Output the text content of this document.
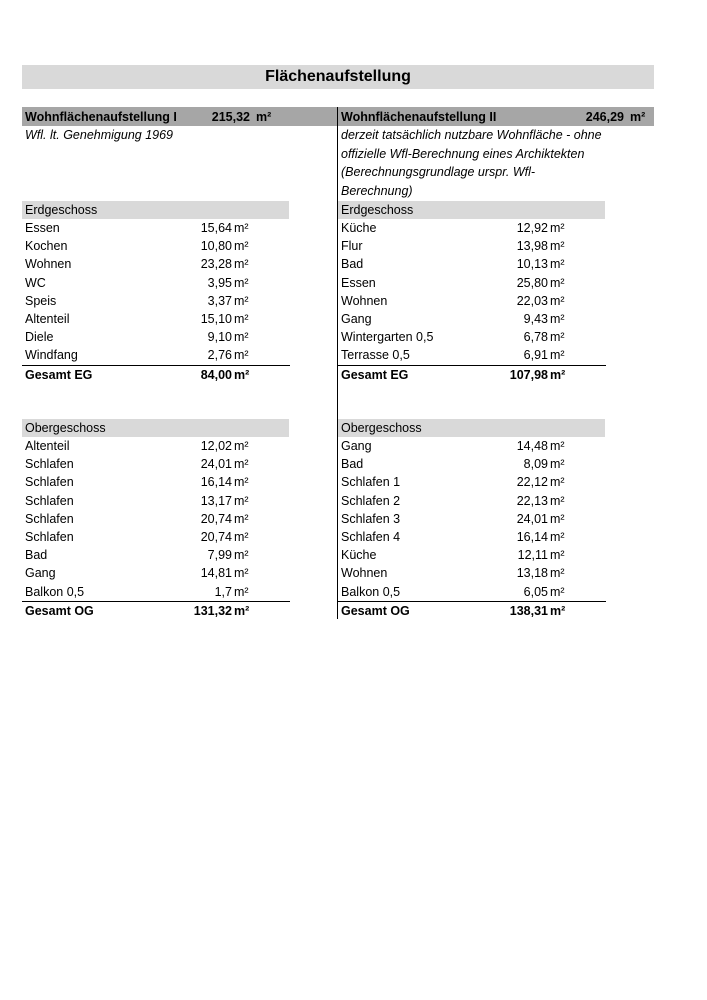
Flächenaufstellung
Wohnflächenaufstellung I	215,32 m²
Wfl. lt. Genehmigung 1969
Erdgeschoss
Essen	15,64 m²
Kochen	10,80 m²
Wohnen	23,28 m²
WC	3,95 m²
Speis	3,37 m²
Altenteil	15,10 m²
Diele	9,10 m²
Windfang	2,76 m²
Gesamt EG	84,00 m²
Obergeschoss
Altenteil	12,02 m²
Schlafen	24,01 m²
Schlafen	16,14 m²
Schlafen	13,17 m²
Schlafen	20,74 m²
Schlafen	20,74 m²
Bad	7,99 m²
Gang	14,81 m²
Balkon 0,5	1,7 m²
Gesamt OG	131,32 m²
Wohnflächenaufstellung II	246,29 m²
derzeit tatsächlich nutzbare Wohnfläche - ohne
offizielle Wfl-Berechnung eines Archiktekten
(Berechnungsgrundlage urspr. Wfl-Berechnung)
Erdgeschoss
Küche	12,92 m²
Flur	13,98 m²
Bad	10,13 m²
Essen	25,80 m²
Wohnen	22,03 m²
Gang	9,43 m²
Wintergarten 0,5	6,78 m²
Terrasse 0,5	6,91 m²
Gesamt EG	107,98 m²
Obergeschoss
Gang	14,48 m²
Bad	8,09 m²
Schlafen 1	22,12 m²
Schlafen 2	22,13 m²
Schlafen 3	24,01 m²
Schlafen 4	16,14 m²
Küche	12,11 m²
Wohnen	13,18 m²
Balkon 0,5	6,05 m²
Gesamt OG	138,31 m²
